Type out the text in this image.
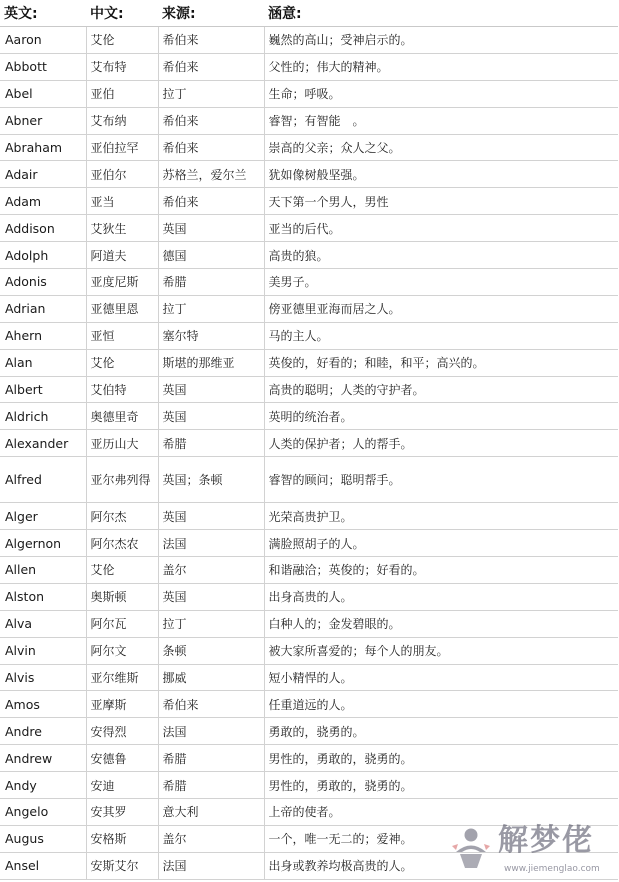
英文:	中文:	来源:	涵意:
Aaron	艾伦	希伯来	巍然的高山；受神启示的。
Abbott	艾布特	希伯来	父性的；伟大的精神。
Abel	亚伯	拉丁	生命；呼吸。
Abner	艾布纳	希伯来	睿智；有智能　。
Abraham	亚伯拉罕	希伯来	崇高的父亲；众人之父。
Adair	亚伯尔	苏格兰，爱尔兰	犹如像树般坚强。
Adam	亚当	希伯来	天下第一个男人，男性
Addison	艾狄生	英国	亚当的后代。
Adolph	阿道夫	德国	高贵的狼。
Adonis	亚度尼斯	希腊	美男子。
Adrian	亚德里恩	拉丁	傍亚德里亚海而居之人。
Ahern	亚恒	塞尔特	马的主人。
Alan	艾伦	斯堪的那维亚	英俊的，好看的；和睦，和平；高兴的。
Albert	艾伯特	英国	高贵的聪明；人类的守护者。
Aldrich	奥德里奇	英国	英明的统治者。
Alexander	亚历山大	希腊	人类的保护者；人的帮手。
Alfred	亚尔弗列得	英国；条顿	睿智的顾问；聪明帮手。
Alger	阿尔杰	英国	光荣高贵护卫。
Algernon	阿尔杰农	法国	满脸照胡子的人。
Allen	艾伦	盖尔	和谐融洽；英俊的；好看的。
Alston	奥斯顿	英国	出身高贵的人。
Alva	阿尔瓦	拉丁	白种人的；金发碧眼的。
Alvin	阿尔文	条顿	被大家所喜爱的；每个人的朋友。
Alvis	亚尔维斯	挪威	短小精悍的人。
Amos	亚摩斯	希伯来	任重道远的人。
Andre	安得烈	法国	勇敢的，骁勇的。
Andrew	安德鲁	希腊	男性的，勇敢的，骁勇的。
Andy	安迪	希腊	男性的，勇敢的，骁勇的。
Angelo	安其罗	意大利	上帝的使者。
Augus	安格斯	盖尔	一个，唯一无二的；爱神。
Ansel	安斯艾尔	法国	出身或教养均极高贵的人。
解梦佬
www.jiemenglao.com
